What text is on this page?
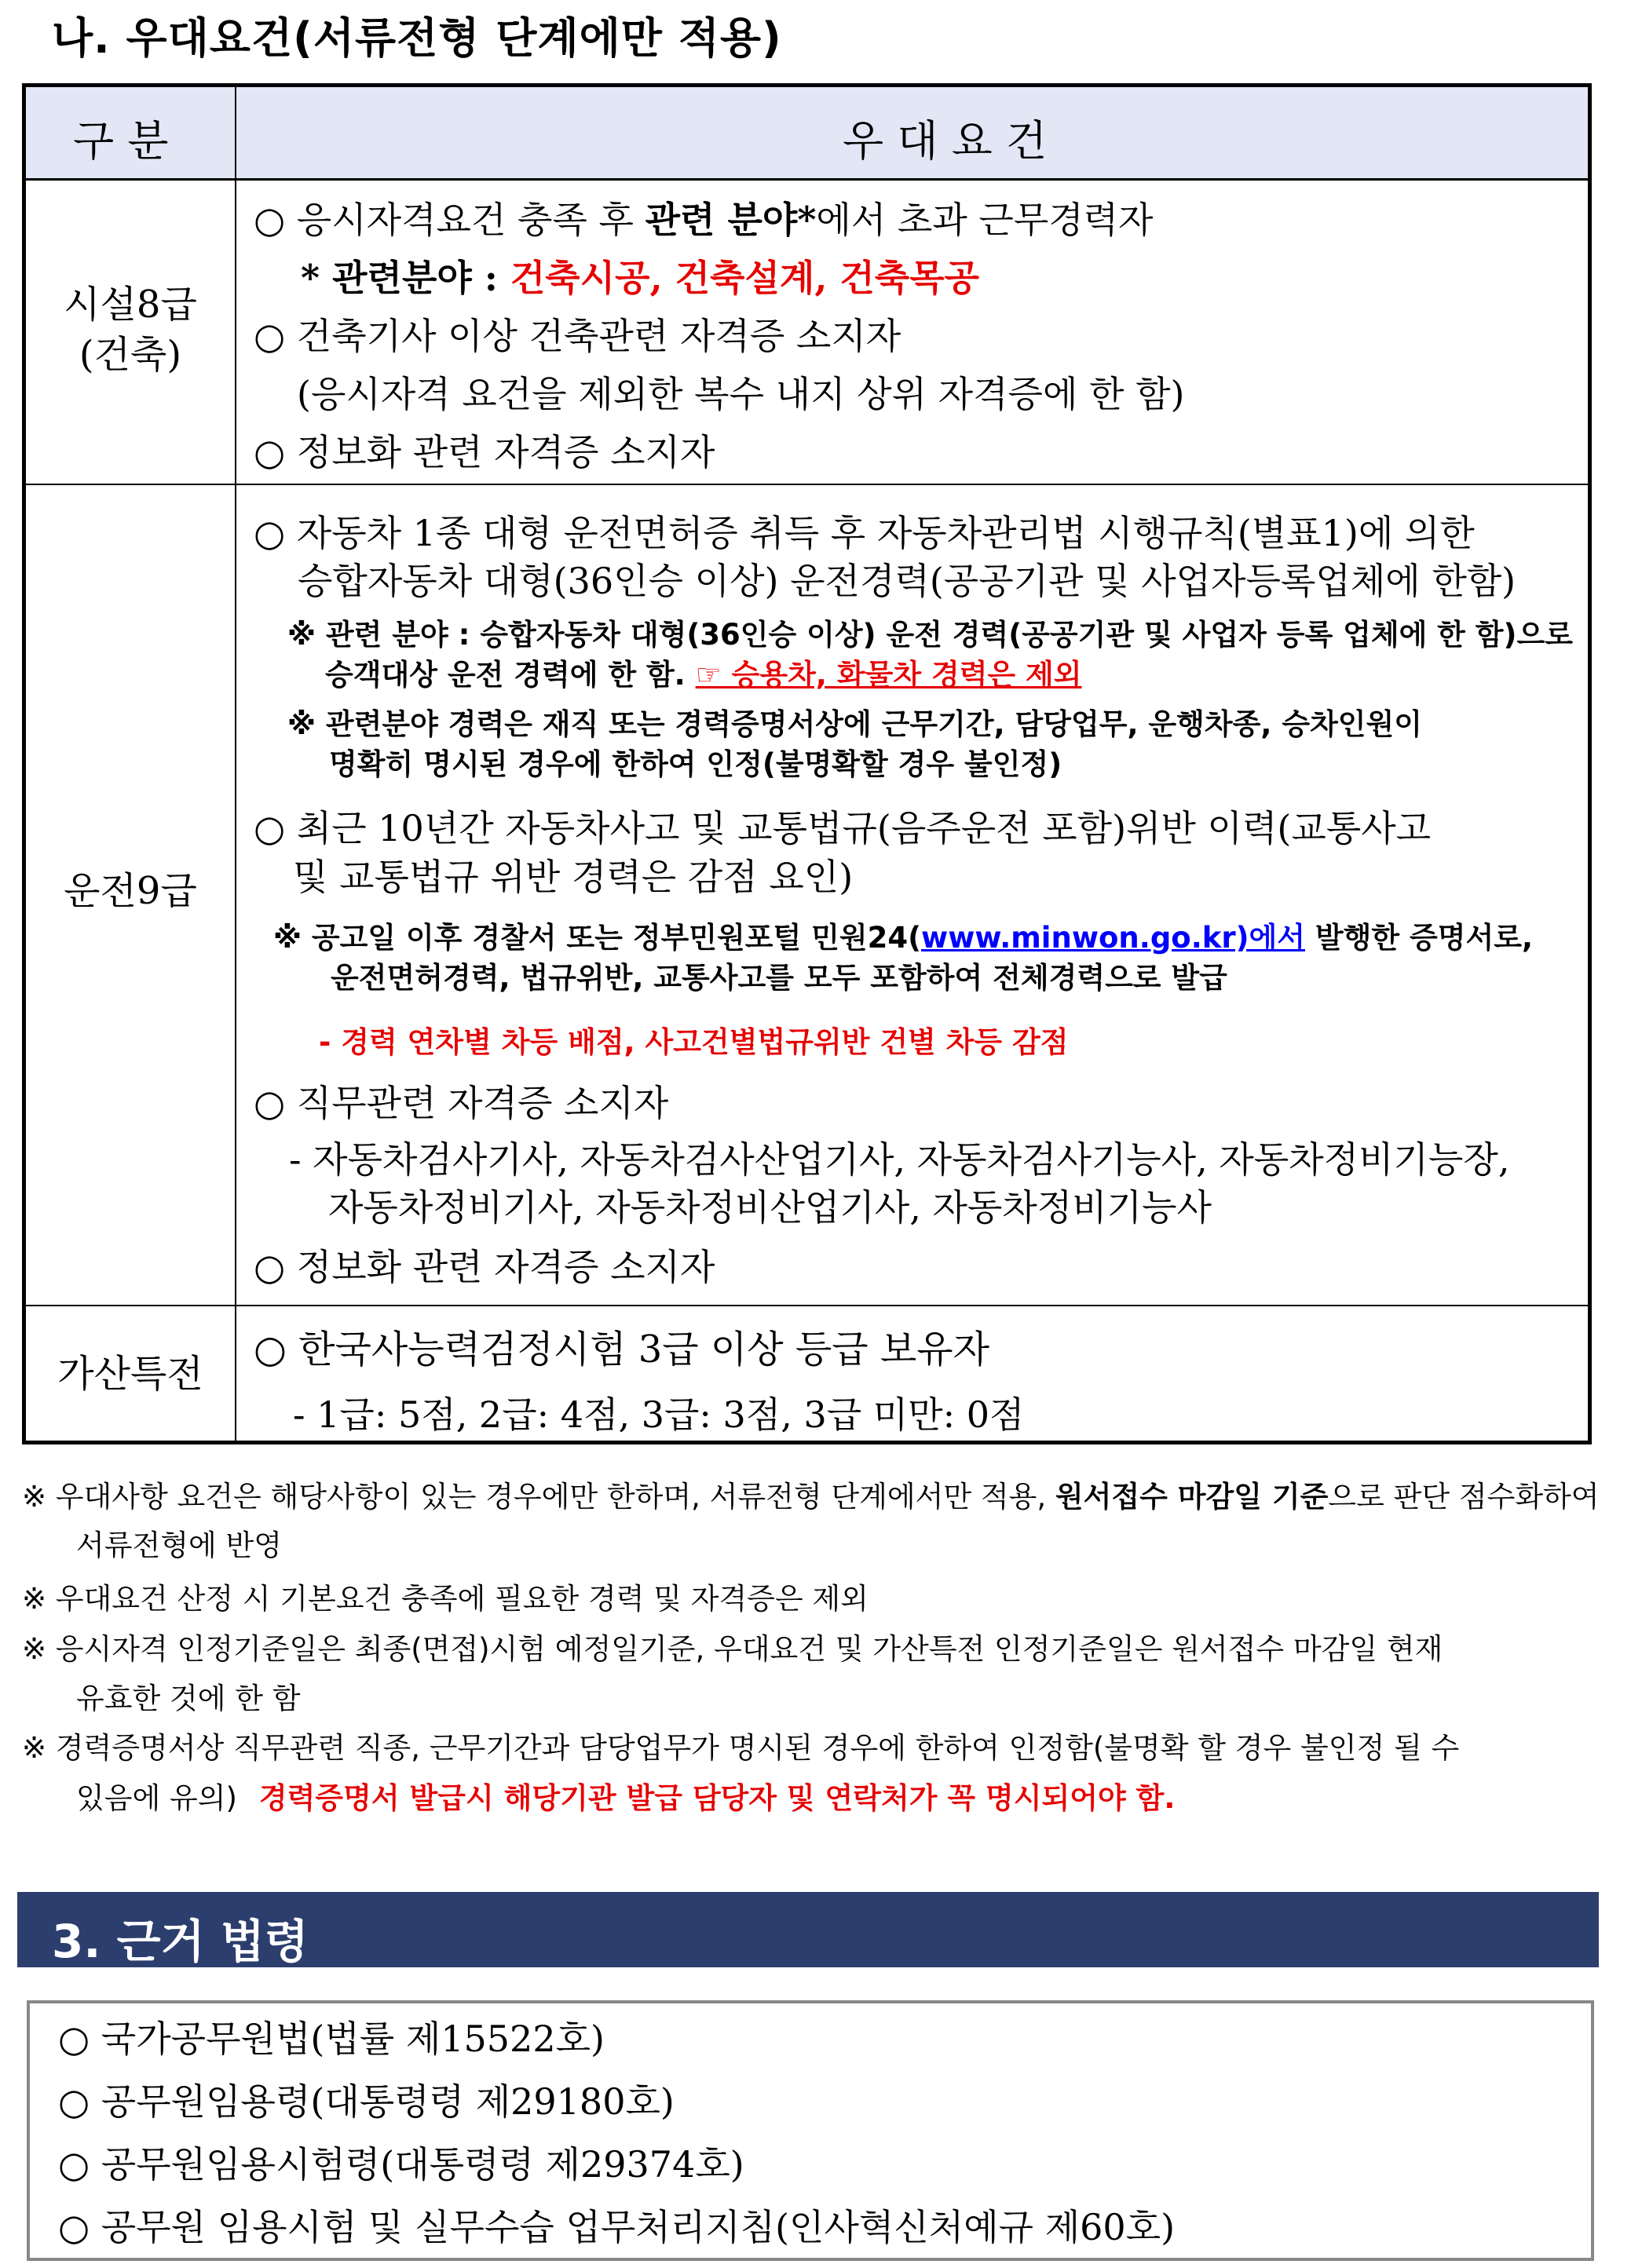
나. 우대요건(서류전형 단계에만 적용)
구 분	우 대 요 건
시설8급
(건축)
○ 응시자격요건 충족 후 관련 분야*에서 초과 근무경력자
* 관련분야 : 건축시공, 건축설계, 건축목공
○ 건축기사 이상 건축관련 자격증 소지자
(응시자격 요건을 제외한 복수 내지 상위 자격증에 한 함)
○ 정보화 관련 자격증 소지자
운전9급
○ 자동차 1종 대형 운전면허증 취득 후 자동차관리법 시행규칙(별표1)에 의한
승합자동차 대형(36인승 이상) 운전경력(공공기관 및 사업자등록업체에 한함)
※ 관련 분야 : 승합자동차 대형(36인승 이상) 운전 경력(공공기관 및 사업자 등록 업체에 한 함)으로
승객대상 운전 경력에 한 함. ☞ 승용차, 화물차 경력은 제외
※ 관련분야 경력은 재직 또는 경력증명서상에 근무기간, 담당업무, 운행차종, 승차인원이
명확히 명시된 경우에 한하여 인정(불명확할 경우 불인정)
○ 최근 10년간 자동차사고 및 교통법규(음주운전 포함)위반 이력(교통사고
및 교통법규 위반 경력은 감점 요인)
※ 공고일 이후 경찰서 또는 정부민원포털 민원24(www.minwon.go.kr)에서 발행한 증명서로,
운전면허경력, 법규위반, 교통사고를 모두 포함하여 전체경력으로 발급
- 경력 연차별 차등 배점, 사고건별법규위반 건별 차등 감점
○ 직무관련 자격증 소지자
- 자동차검사기사, 자동차검사산업기사, 자동차검사기능사, 자동차정비기능장,
자동차정비기사, 자동차정비산업기사, 자동차정비기능사
○ 정보화 관련 자격증 소지자
가산특전
○ 한국사능력검정시험 3급 이상 등급 보유자
- 1급: 5점, 2급: 4점, 3급: 3점, 3급 미만: 0점
※ 우대사항 요건은 해당사항이 있는 경우에만 한하며, 서류전형 단계에서만 적용, 원서접수 마감일 기준으로 판단 점수화하여
서류전형에 반영
※ 우대요건 산정 시 기본요건 충족에 필요한 경력 및 자격증은 제외
※ 응시자격 인정기준일은 최종(면접)시험 예정일기준, 우대요건 및 가산특전 인정기준일은 원서접수 마감일 현재
유효한 것에 한 함
※ 경력증명서상 직무관련 직종, 근무기간과 담당업무가 명시된 경우에 한하여 인정함(불명확 할 경우 불인정 될 수
있음에 유의) 경력증명서 발급시 해당기관 발급 담당자 및 연락처가 꼭 명시되어야 함.
3. 근거 법령
○ 국가공무원법(법률 제15522호)
○ 공무원임용령(대통령령 제29180호)
○ 공무원임용시험령(대통령령 제29374호)
○ 공무원 임용시험 및 실무수습 업무처리지침(인사혁신처예규 제60호)
